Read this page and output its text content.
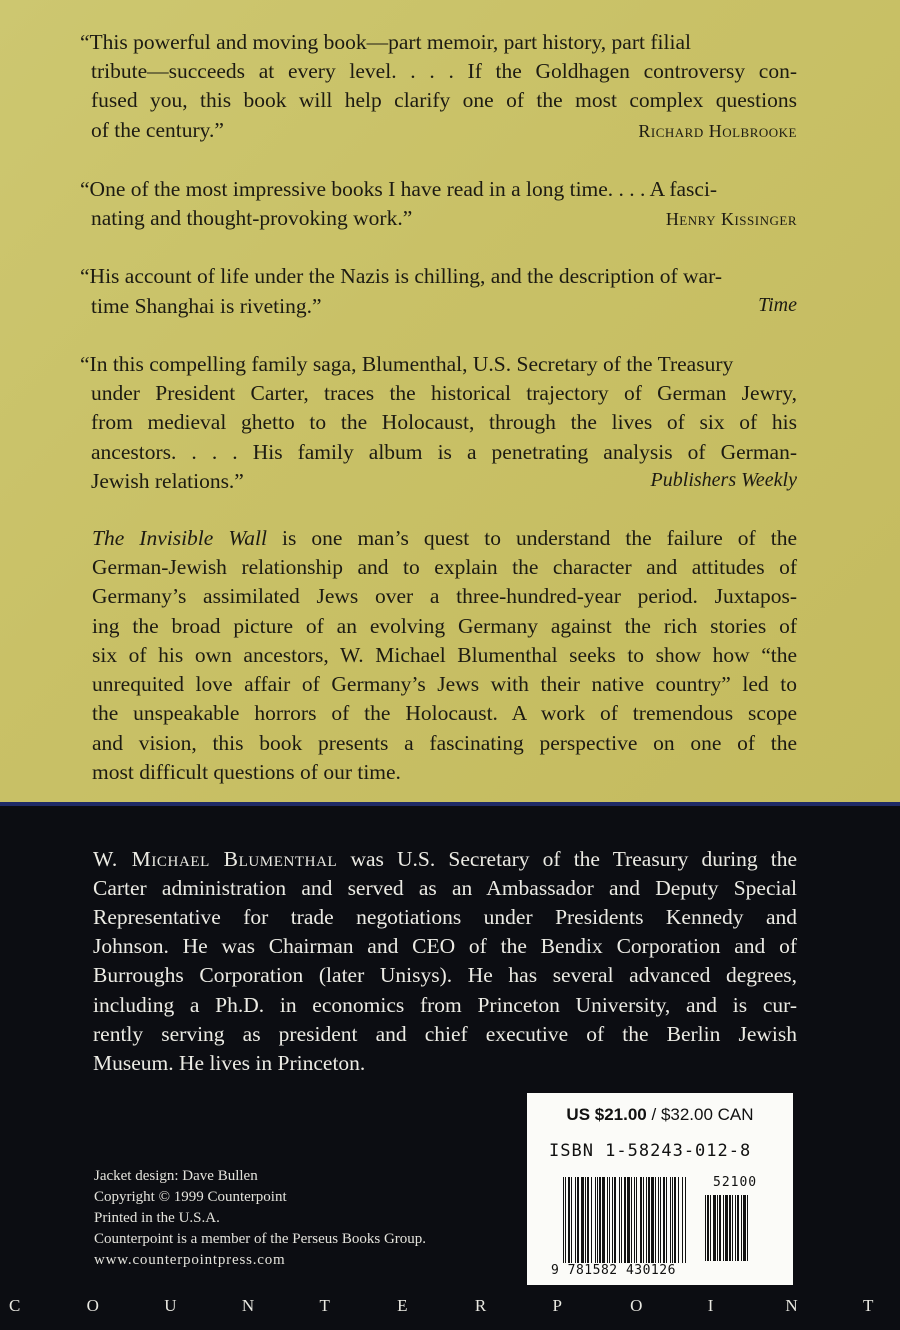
“This powerful and moving book—part memoir, part history, part filial
tribute—succeeds at every level. . . . If the Goldhagen controversy con-
fused you, this book will help clarify one of the most complex questions
of the century.”	Richard Holbrooke
“One of the most impressive books I have read in a long time. . . . A fasci-
nating and thought-provoking work.”	Henry Kissinger
“His account of life under the Nazis is chilling, and the description of war-
time Shanghai is riveting.”	Time
“In this compelling family saga, Blumenthal, U.S. Secretary of the Treasury
under President Carter, traces the historical trajectory of German Jewry,
from medieval ghetto to the Holocaust, through the lives of six of his
ancestors. . . . His family album is a penetrating analysis of German-
Jewish relations.”	Publishers Weekly
The Invisible Wall is one man’s quest to understand the failure of the
German-Jewish relationship and to explain the character and attitudes of
Germany’s assimilated Jews over a three-hundred-year period. Juxtapos-
ing the broad picture of an evolving Germany against the rich stories of
six of his own ancestors, W. Michael Blumenthal seeks to show how “the
unrequited love affair of Germany’s Jews with their native country” led to
the unspeakable horrors of the Holocaust. A work of tremendous scope
and vision, this book presents a fascinating perspective on one of the
most difficult questions of our time.
W. Michael Blumenthal was U.S. Secretary of the Treasury during the
Carter administration and served as an Ambassador and Deputy Special
Representative for trade negotiations under Presidents Kennedy and
Johnson. He was Chairman and CEO of the Bendix Corporation and of
Burroughs Corporation (later Unisys). He has several advanced degrees,
including a Ph.D. in economics from Princeton University, and is cur-
rently serving as president and chief executive of the Berlin Jewish
Museum. He lives in Princeton.
Jacket design: Dave Bullen
Copyright © 1999 Counterpoint
Printed in the U.S.A.
Counterpoint is a member of the Perseus Books Group.
www.counterpointpress.com
US $21.00 / $32.00 CAN
ISBN 1-58243-012-8
52100
9 781582 430126
C	O	U	N	T	E	R	P	O	I	N	T
